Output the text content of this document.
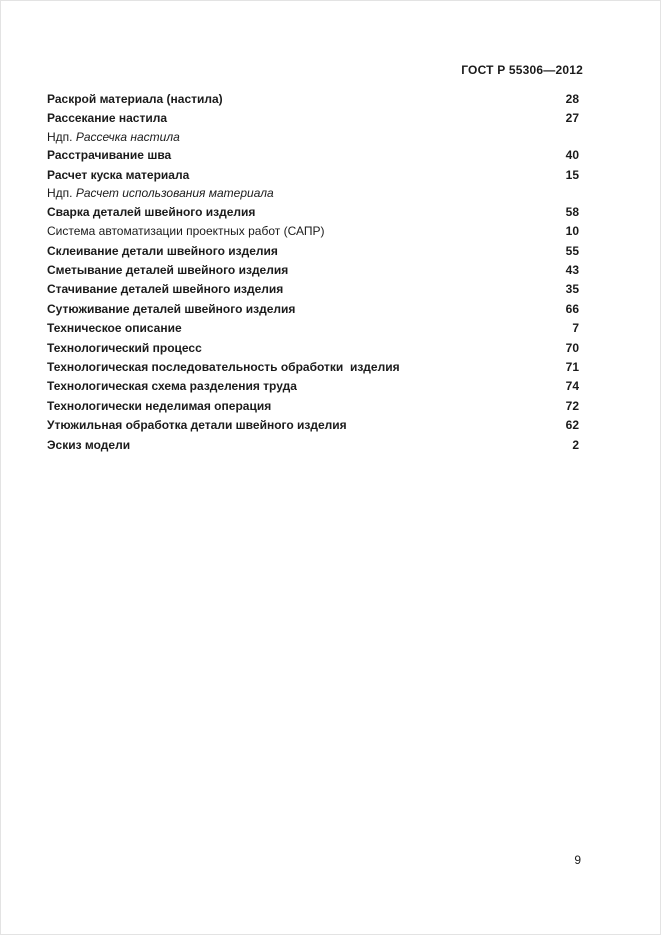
ГОСТ Р 55306—2012
Раскрой материала (настила)	28
Рассекание настила	27
Ндп. Рассечка настила
Расстрачивание шва	40
Расчет куска материала	15
Ндп. Расчет использования материала
Сварка деталей швейного изделия	58
Система автоматизации проектных работ (САПР)	10
Склеивание детали швейного изделия	55
Сметывание деталей швейного изделия	43
Стачивание деталей швейного изделия	35
Сутюживание деталей швейного изделия	66
Техническое описание	7
Технологический процесс	70
Технологическая последовательность обработки  изделия	71
Технологическая схема разделения труда	74
Технологически неделимая операция	72
Утюжильная обработка детали швейного изделия	62
Эскиз модели	2
9
